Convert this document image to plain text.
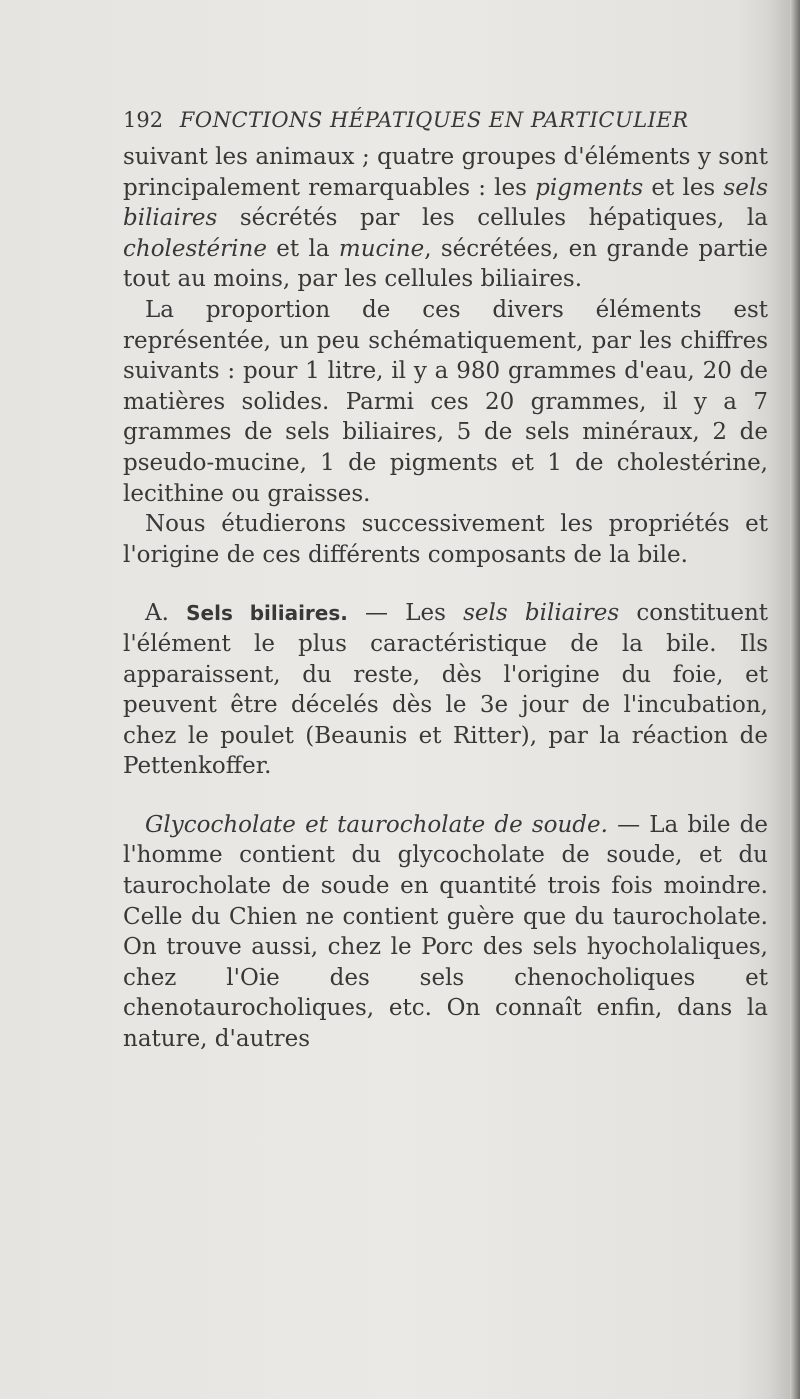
192 FONCTIONS HÉPATIQUES EN PARTICULIER

suivant les animaux ; quatre groupes d'éléments y sont principalement remarquables : les pigments et les sels biliaires sécrétés par les cellules hépatiques, la cholestérine et la mucine, sécrétées, en grande partie tout au moins, par les cellules biliaires.

La proportion de ces divers éléments est représentée, un peu schématiquement, par les chiffres suivants : pour 1 litre, il y a 980 grammes d'eau, 20 de matières solides. Parmi ces 20 grammes, il y a 7 grammes de sels biliaires, 5 de sels minéraux, 2 de pseudo-mucine, 1 de pigments et 1 de cholestérine, lecithine ou graisses.

Nous étudierons successivement les propriétés et l'origine de ces différents composants de la bile.

A. Sels biliaires. — Les sels biliaires constituent l'élément le plus caractéristique de la bile. Ils apparaissent, du reste, dès l'origine du foie, et peuvent être décelés dès le 3e jour de l'incubation, chez le poulet (Beaunis et Ritter), par la réaction de Pettenkoffer.

Glycocholate et taurocholate de soude. — La bile de l'homme contient du glycocholate de soude, et du taurocholate de soude en quantité trois fois moindre. Celle du Chien ne contient guère que du taurocholate. On trouve aussi, chez le Porc des sels hyocholaliques, chez l'Oie des sels chenocholiques et chenotaurocholiques, etc. On connaît enfin, dans la nature, d'autres
